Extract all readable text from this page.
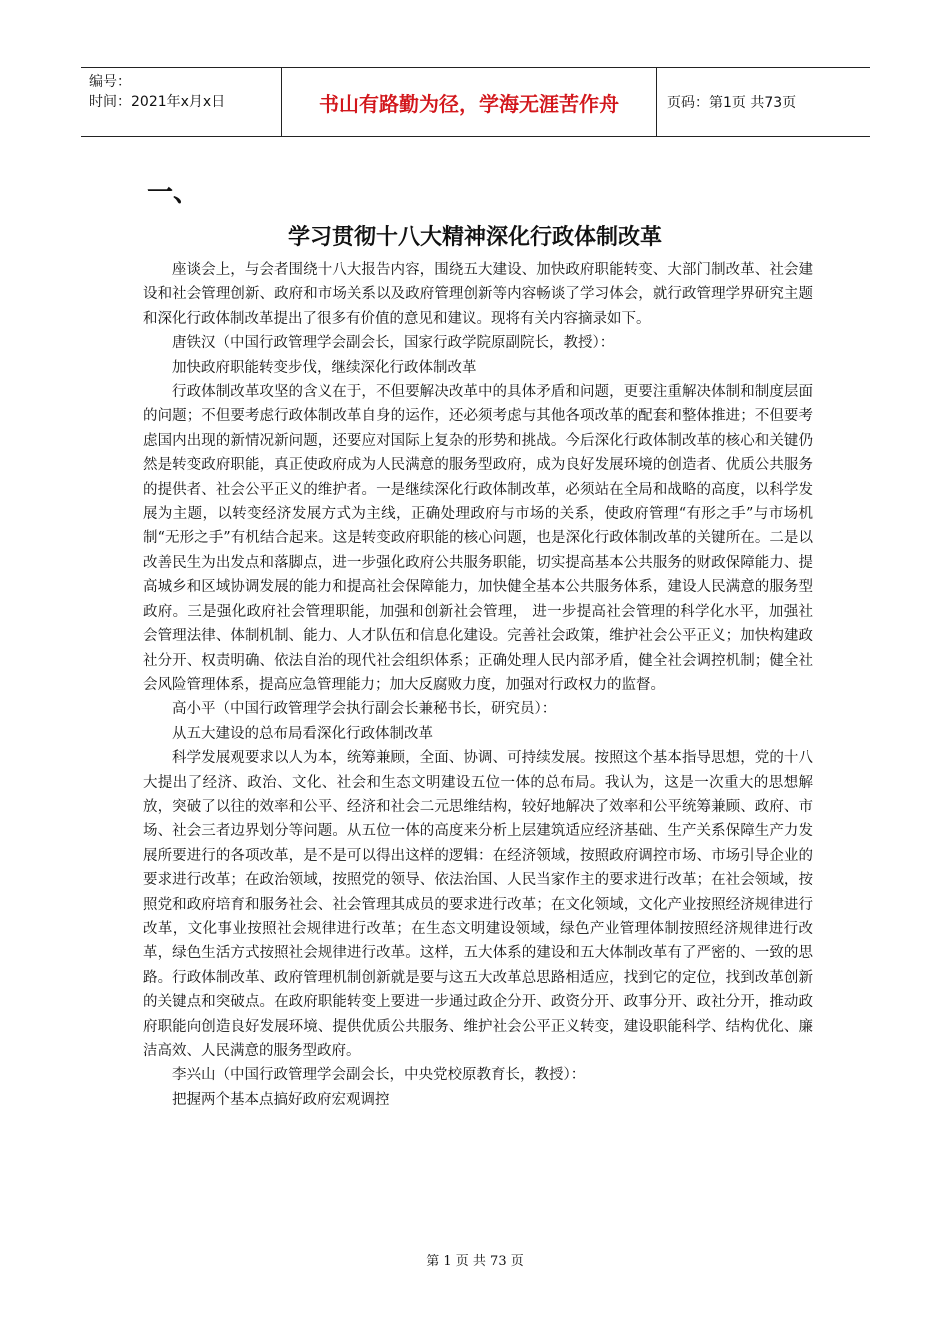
编号：
时间：2021年x月x日	书山有路勤为径，学海无涯苦作舟	页码：第1页 共73页
一、
学习贯彻十八大精神深化行政体制改革

座谈会上，与会者围绕十八大报告内容，围绕五大建设、加快政府职能转变、大部门制改革、社会建设和社会管理创新、政府和市场关系以及政府管理创新等内容畅谈了学习体会，就行政管理学界研究主题和深化行政体制改革提出了很多有价值的意见和建议。现将有关内容摘录如下。

唐铁汉（中国行政管理学会副会长，国家行政学院原副院长，教授）：

加快政府职能转变步伐，继续深化行政体制改革

行政体制改革攻坚的含义在于，不但要解决改革中的具体矛盾和问题，更要注重解决体制和制度层面的问题；不但要考虑行政体制改革自身的运作，还必须考虑与其他各项改革的配套和整体推进；不但要考虑国内出现的新情况新问题，还要应对国际上复杂的形势和挑战。今后深化行政体制改革的核心和关键仍然是转变政府职能，真正使政府成为人民满意的服务型政府，成为良好发展环境的创造者、优质公共服务的提供者、社会公平正义的维护者。一是继续深化行政体制改革，必须站在全局和战略的高度，以科学发展为主题，以转变经济发展方式为主线，正确处理政府与市场的关系，使政府管理“有形之手”与市场机制“无形之手”有机结合起来。这是转变政府职能的核心问题，也是深化行政体制改革的关键所在。二是以改善民生为出发点和落脚点，进一步强化政府公共服务职能，切实提高基本公共服务的财政保障能力、提高城乡和区域协调发展的能力和提高社会保障能力，加快健全基本公共服务体系，建设人民满意的服务型政府。三是强化政府社会管理职能，加强和创新社会管理， 进一步提高社会管理的科学化水平，加强社会管理法律、体制机制、能力、人才队伍和信息化建设。完善社会政策，维护社会公平正义；加快构建政社分开、权责明确、依法自治的现代社会组织体系；正确处理人民内部矛盾，健全社会调控机制；健全社会风险管理体系，提高应急管理能力；加大反腐败力度，加强对行政权力的监督。

高小平（中国行政管理学会执行副会长兼秘书长，研究员）：

从五大建设的总布局看深化行政体制改革

科学发展观要求以人为本，统筹兼顾，全面、协调、可持续发展。按照这个基本指导思想，党的十八大提出了经济、政治、文化、社会和生态文明建设五位一体的总布局。我认为，这是一次重大的思想解放，突破了以往的效率和公平、经济和社会二元思维结构，较好地解决了效率和公平统筹兼顾、政府、市场、社会三者边界划分等问题。从五位一体的高度来分析上层建筑适应经济基础、生产关系保障生产力发展所要进行的各项改革，是不是可以得出这样的逻辑：在经济领域，按照政府调控市场、市场引导企业的要求进行改革；在政治领域，按照党的领导、依法治国、人民当家作主的要求进行改革；在社会领域，按照党和政府培育和服务社会、社会管理其成员的要求进行改革；在文化领域，文化产业按照经济规律进行改革，文化事业按照社会规律进行改革；在生态文明建设领域，绿色产业管理体制按照经济规律进行改革，绿色生活方式按照社会规律进行改革。这样，五大体系的建设和五大体制改革有了严密的、一致的思路。行政体制改革、政府管理机制创新就是要与这五大改革总思路相适应，找到它的定位，找到改革创新的关键点和突破点。在政府职能转变上要进一步通过政企分开、政资分开、政事分开、政社分开，推动政府职能向创造良好发展环境、提供优质公共服务、维护社会公平正义转变，建设职能科学、结构优化、廉洁高效、人民满意的服务型政府。

李兴山（中国行政管理学会副会长，中央党校原教育长，教授）：

把握两个基本点搞好政府宏观调控

第 1 页 共 73 页
